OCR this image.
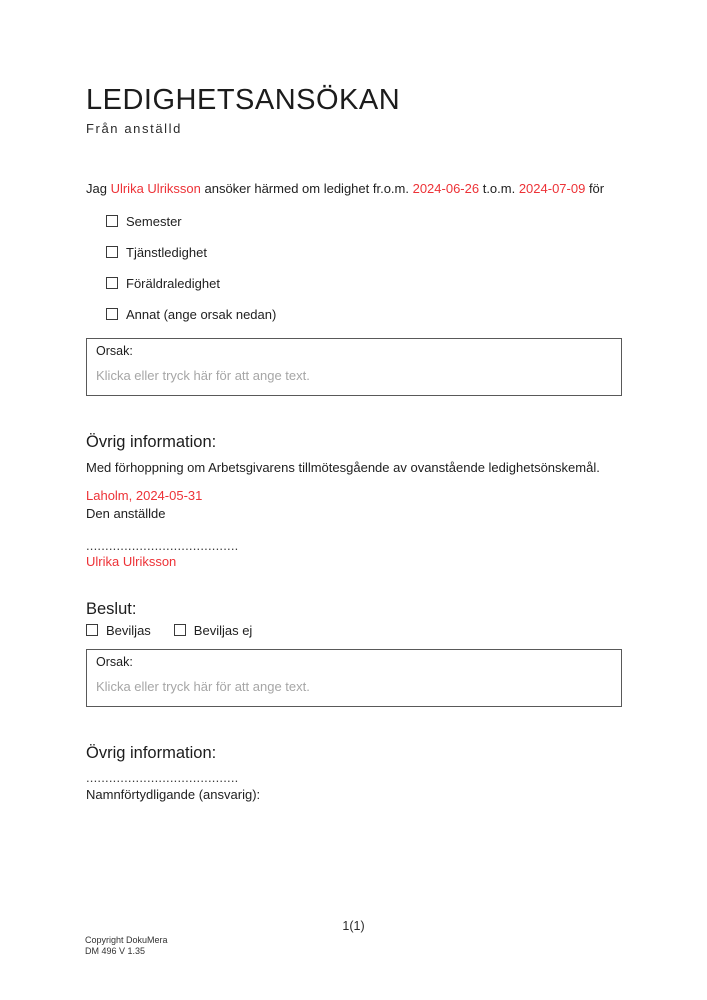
LEDIGHETSANSÖKAN
Från anställd

Jag Ulrika Ulriksson ansöker härmed om ledighet fr.o.m. 2024-06-26 t.o.m. 2024-07-09 för

Semester
Tjänstledighet
Föräldraledighet
Annat (ange orsak nedan)
Orsak:
Klicka eller tryck här för att ange text.
Övrig information:

Med förhoppning om Arbetsgivarens tillmötesgående av ovanstående ledighetsönskemål.

Laholm, 2024-05-31

Den anställde

........................................

Ulrika Ulriksson

Beslut:
Beviljas	Beviljas ej
Orsak:
Klicka eller tryck här för att ange text.
Övrig information:
........................................

Namnförtydligande (ansvarig):

1(1)
Copyright DokuMera
DM 496 V 1.35
